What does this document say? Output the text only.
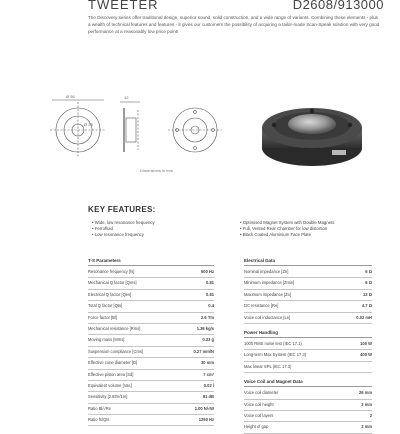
TWEETER	D2608/913000
The Discovery series offer traditional design, superior sound, solid construction, and a wide range of variants. Combining these elements - plus a wealth of technical features and features - it gives our customers the possibility of acquiring a tailor-made Scan-Speak solution with very good performance at a reasonably low price point!
Ø 56	12
Ø 28
Dimensions in mm
KEY FEATURES:
• Wide, low resonance frequency
• Ferrofluid
• Low resonance frequency
• Optimised Magnet System with Double Magnets
• Full, Vented Rear Chamber for low distortion
• Black Coated Aluminium Face Plate
T-S Parameters
Resonance frequency [fs]	500 Hz
Mechanical Q factor [Qms]	0.81
Electrical Q factor [Qes]	0.81
Total Q factor [Qts]	0.4
Force factor [Bl]	2.6 Tm
Mechanical resistance [Rms]	1.36 kg/s
Moving mass [Mms]	0.33 g
Suspension compliance [Cms]	0.27 mm/N
Effective cone diameter [D]	30 mm
Effective piston area [Sd]	7 cm²
Equivalent volume [Vas]	0.02 l
Sensitivity [2.83V/1m]	91 dB
Ratio Bl/√Re	1.00 N/√W
Ratio fs/Qts	1250 Hz
Electrical Data
Nominal impedance [Zn]	6 Ω
Minimum impedance [Zmin]	6 Ω
Maximum impedance [Zo]	13 Ω
DC resistance [Re]	4.7 Ω
Voice coil inductance [Le]	0.02 mH
Power Handling
100h RMS noise test (IEC 17.1)	100 W
Long-term Max System (IEC 17.3)	400 W
Max linear SPL (IEC 17.3)
Voice Coil and Magnet Data
Voice coil diameter	26 mm
Voice coil height	2 mm
Voice coil layers	2
Height of gap	2 mm
